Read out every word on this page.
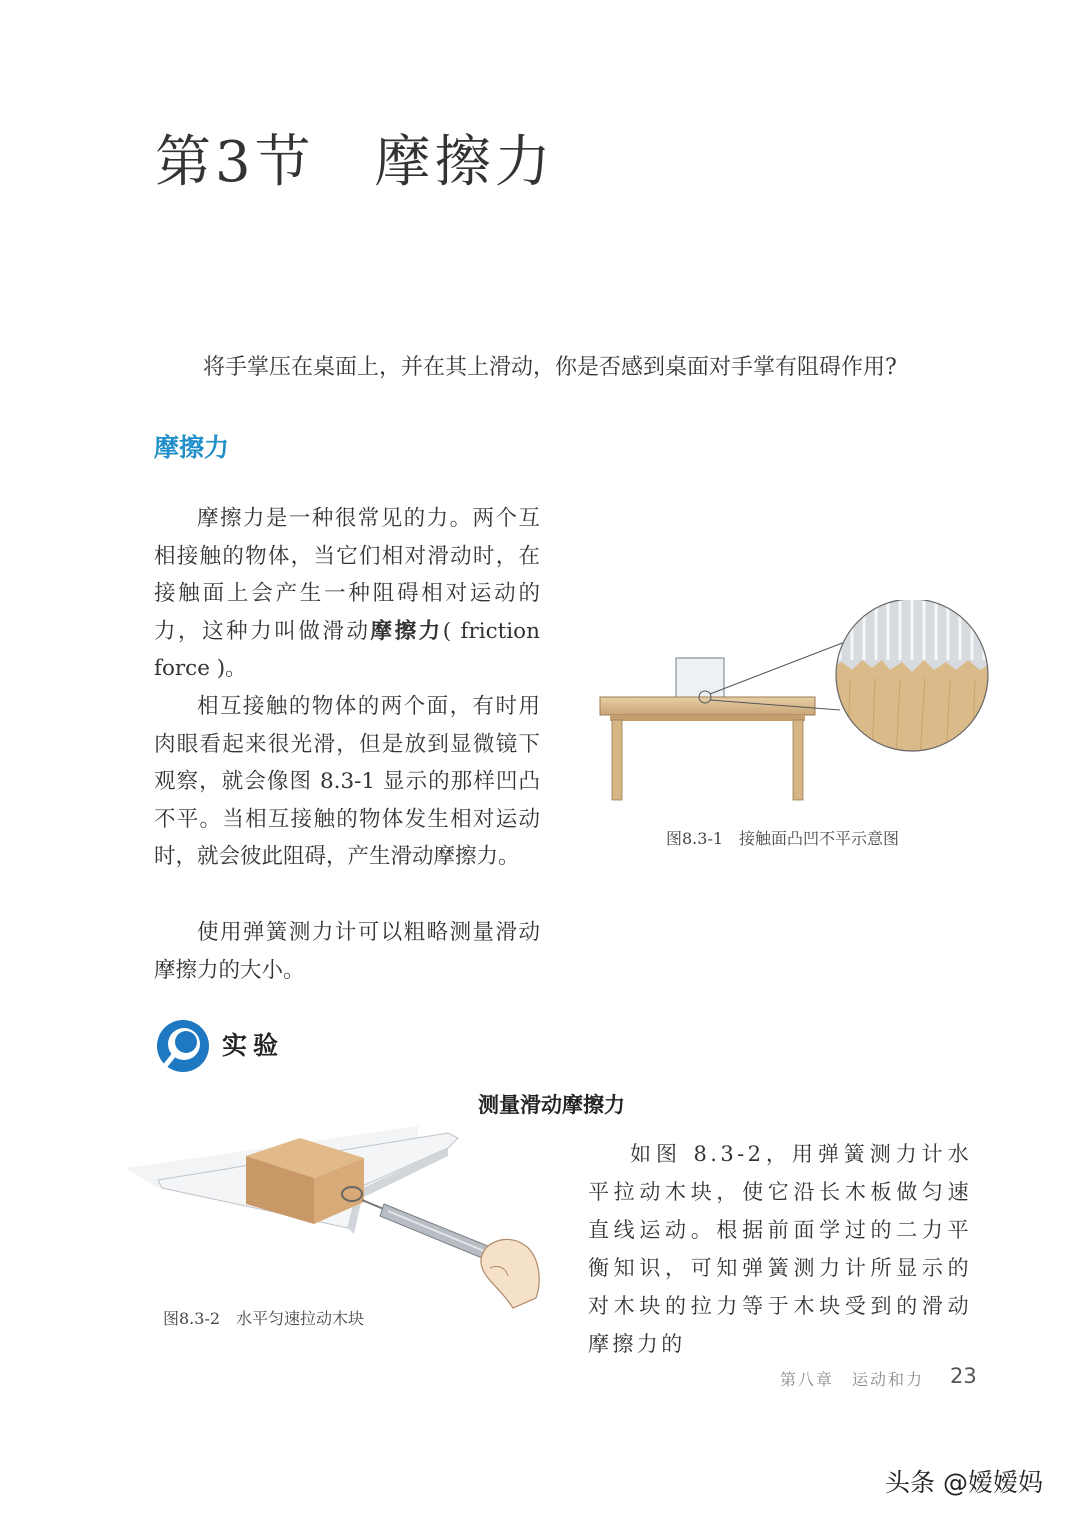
第3节　摩擦力
将手掌压在桌面上，并在其上滑动，你是否感到桌面对手掌有阻碍作用?
摩擦力

摩擦力是一种很常见的力。两个互相接触的物体，当它们相对滑动时，在接触面上会产生一种阻碍相对运动的力，这种力叫做滑动摩擦力( friction force )。

相互接触的物体的两个面，有时用肉眼看起来很光滑，但是放到显微镜下观察，就会像图 8.3-1 显示的那样凹凸不平。当相互接触的物体发生相对运动时，就会彼此阻碍，产生滑动摩擦力。

使用弹簧测力计可以粗略测量滑动摩擦力的大小。

图8.3-1　接触面凸凹不平示意图
实验
测量滑动摩擦力
图8.3-2　水平匀速拉动木块

如图 8.3-2，用弹簧测力计水平拉动木块，使它沿长木板做匀速直线运动。根据前面学过的二力平衡知识，可知弹簧测力计所显示的对木块的拉力等于木块受到的滑动摩擦力的

第八章　运动和力 23
头条 @嫒嫒妈
